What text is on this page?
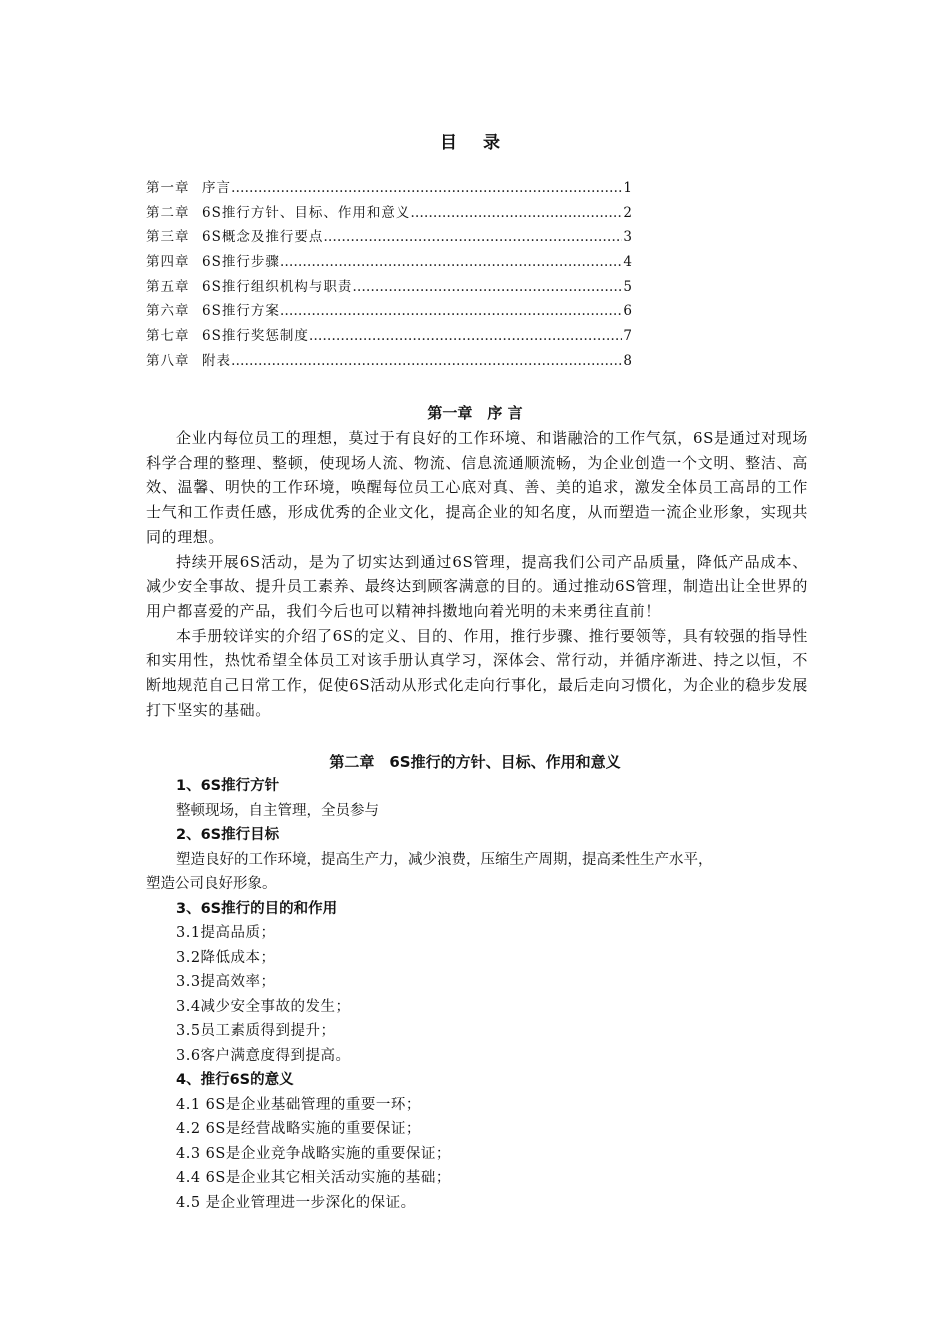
目 录
第一章 序言 …………………………………………………………………………………………………………………………	1
第二章 6S推行方针、目标、作用和意义 …………………………………………………………………………………………………………………………	2
第三章 6S概念及推行要点 …………………………………………………………………………………………………………………………	3
第四章 6S推行步骤 …………………………………………………………………………………………………………………………	4
第五章 6S推行组织机构与职责 …………………………………………………………………………………………………………………………	5
第六章 6S推行方案 …………………………………………………………………………………………………………………………	6
第七章 6S推行奖惩制度 …………………………………………………………………………………………………………………………	7
第八章 附表 …………………………………………………………………………………………………………………………	8
第一章　序 言

企业内每位员工的理想，莫过于有良好的工作环境、和谐融洽的工作气氛，6S是通过对现场科学合理的整理、整顿，使现场人流、物流、信息流通顺流畅，为企业创造一个文明、整洁、高效、温馨、明快的工作环境，唤醒每位员工心底对真、善、美的追求，激发全体员工高昂的工作士气和工作责任感，形成优秀的企业文化，提高企业的知名度，从而塑造一流企业形象，实现共同的理想。

持续开展6S活动，是为了切实达到通过6S管理，提高我们公司产品质量，降低产品成本、减少安全事故、提升员工素养、最终达到顾客满意的目的。通过推动6S管理，制造出让全世界的用户都喜爱的产品，我们今后也可以精神抖擞地向着光明的未来勇往直前！

本手册较详实的介绍了6S的定义、目的、作用，推行步骤、推行要领等，具有较强的指导性和实用性，热忱希望全体员工对该手册认真学习，深体会、常行动，并循序渐进、持之以恒，不断地规范自己日常工作，促使6S活动从形式化走向行事化，最后走向习惯化，为企业的稳步发展打下坚实的基础。

第二章　6S推行的方针、目标、作用和意义
1、6S推行方针
整顿现场，自主管理，全员参与
2、6S推行目标
塑造良好的工作环境，提高生产力，减少浪费，压缩生产周期，提高柔性生产水平，
塑造公司良好形象。
3、6S推行的目的和作用
3.1提高品质；
3.2降低成本；
3.3提高效率；
3.4减少安全事故的发生；
3.5员工素质得到提升；
3.6客户满意度得到提高。
4、推行6S的意义
4.1 6S是企业基础管理的重要一环；
4.2 6S是经营战略实施的重要保证；
4.3 6S是企业竞争战略实施的重要保证；
4.4 6S是企业其它相关活动实施的基础；
4.5 是企业管理进一步深化的保证。
